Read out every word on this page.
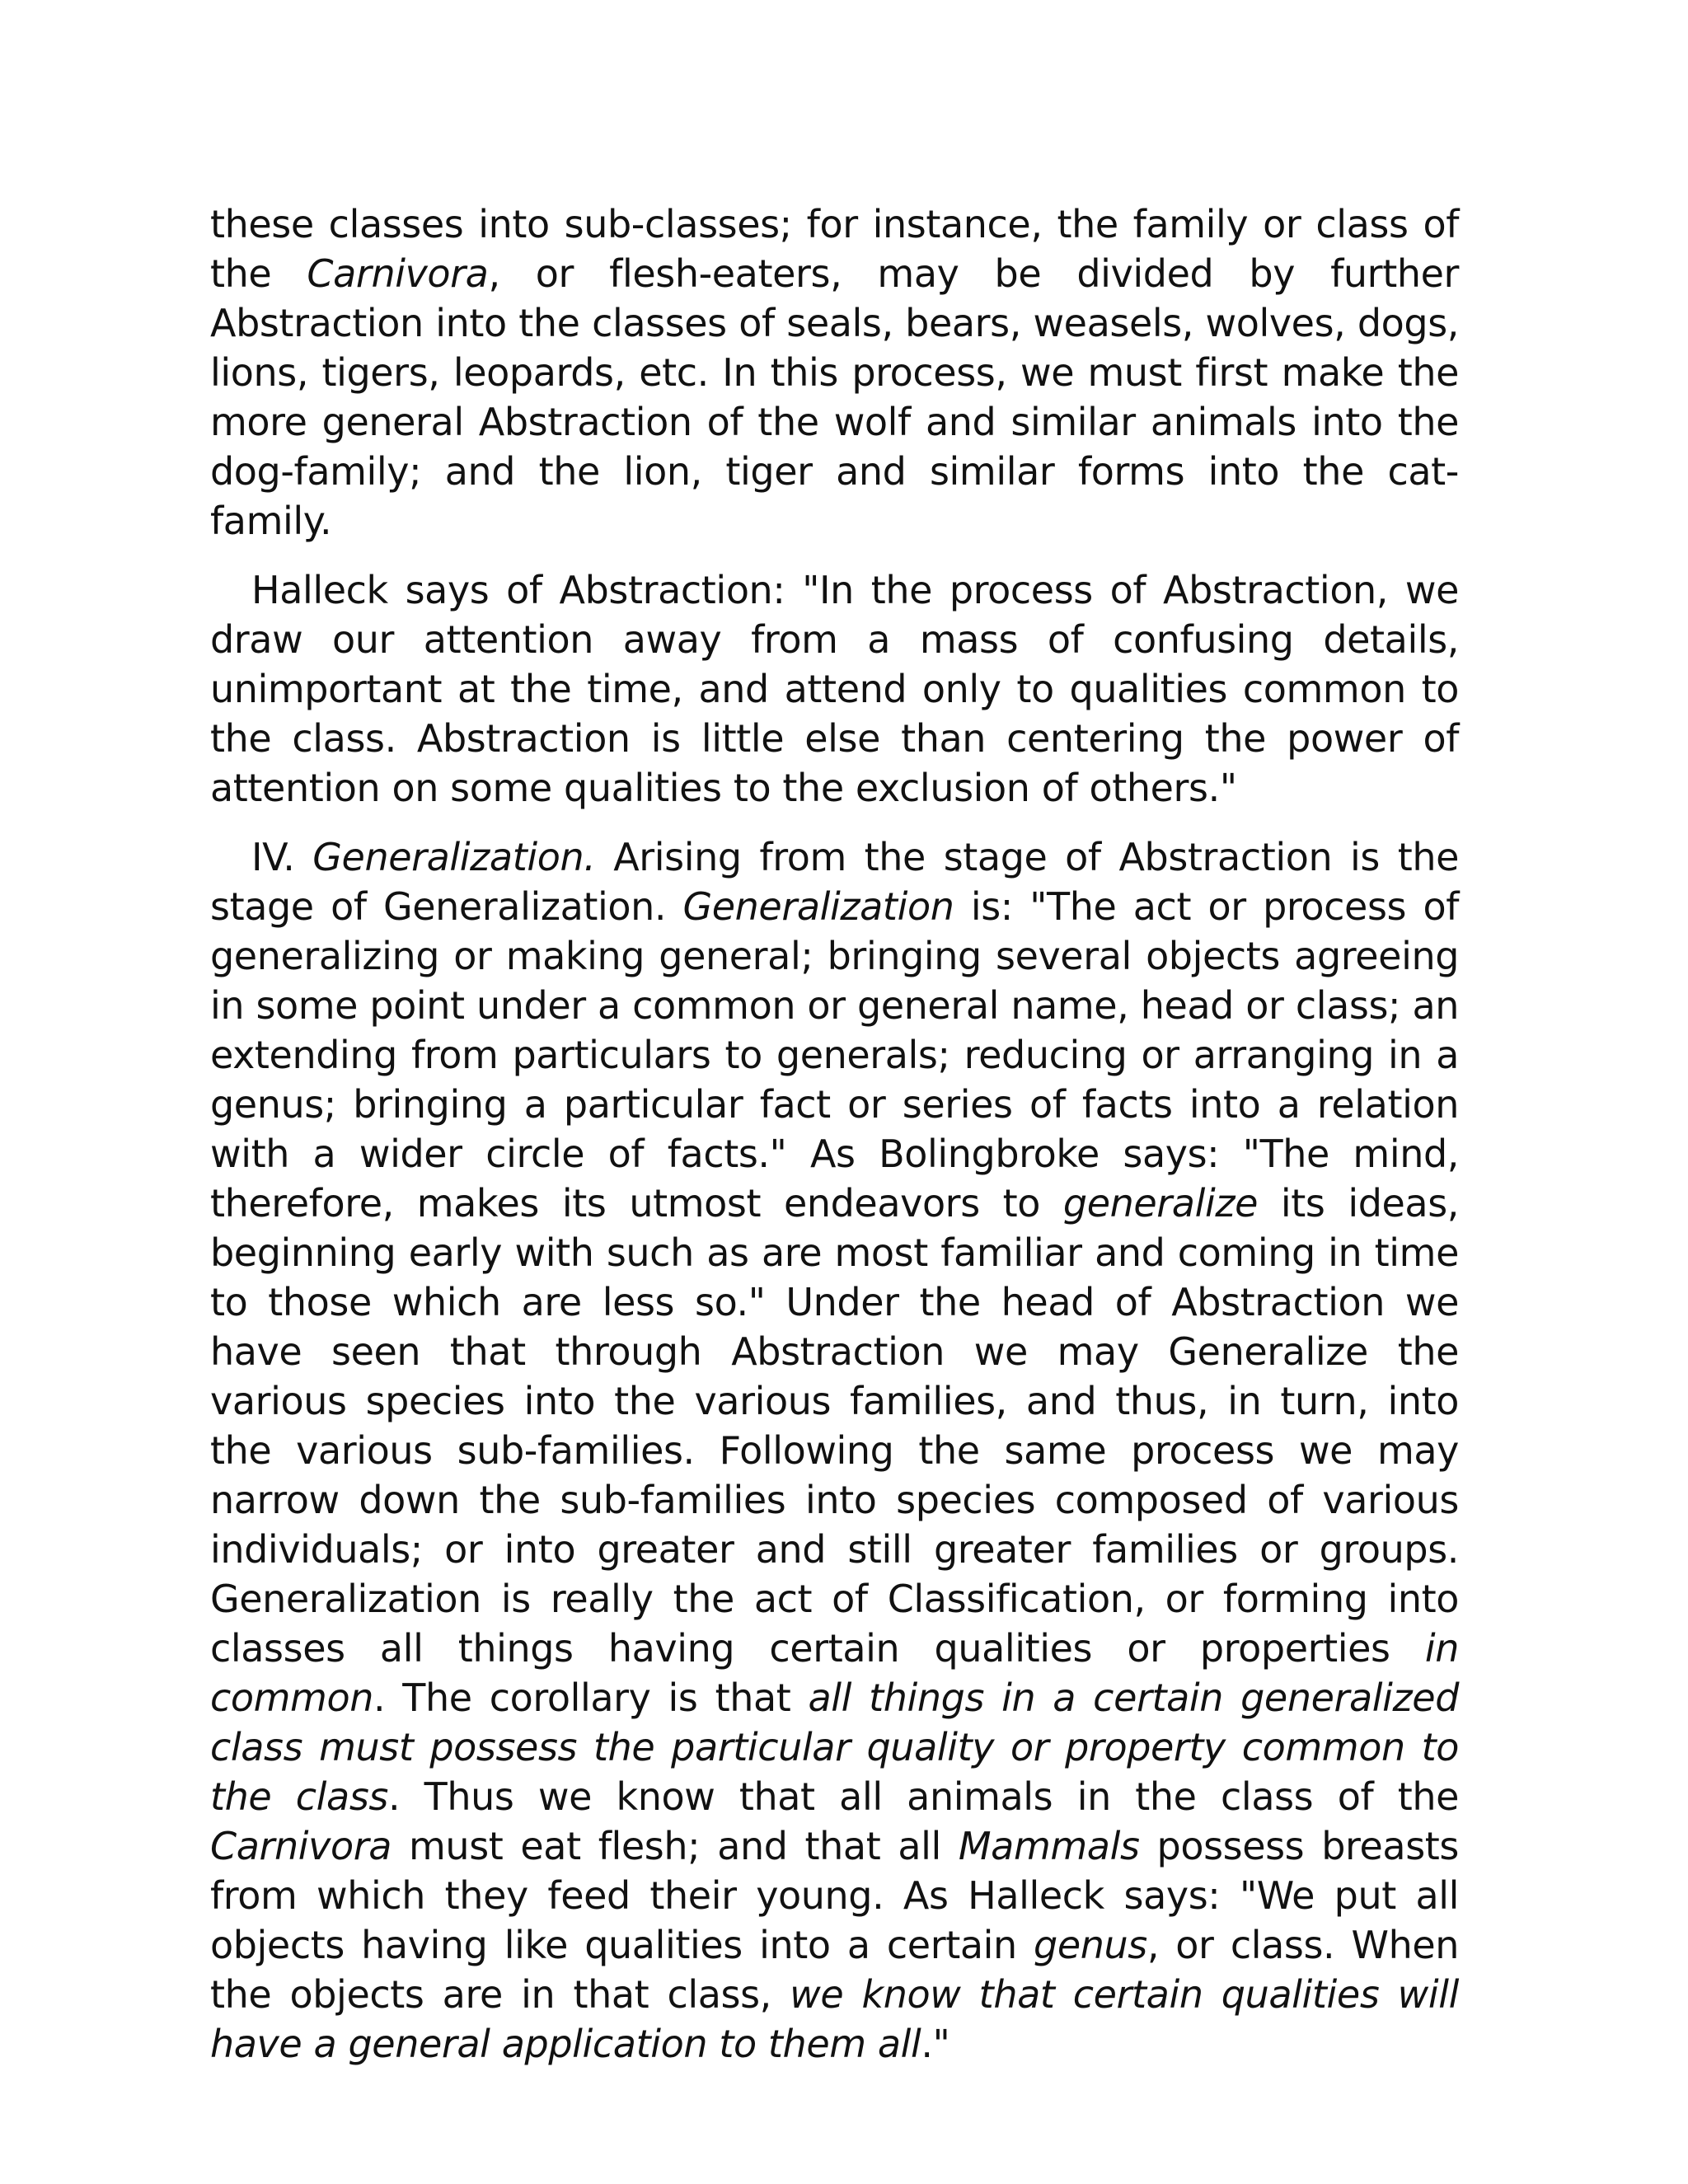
these classes into sub-classes; for instance, the family or class of the Carnivora, or flesh-eaters, may be divided by further Abstraction into the classes of seals, bears, weasels, wolves, dogs, lions, tigers, leopards, etc. In this process, we must first make the more general Abstraction of the wolf and similar animals into the dog-family; and the lion, tiger and similar forms into the cat-family.

Halleck says of Abstraction: "In the process of Abstraction, we draw our attention away from a mass of confusing details, unimportant at the time, and attend only to qualities common to the class. Abstraction is little else than centering the power of attention on some qualities to the exclusion of others."

IV. Generalization. Arising from the stage of Abstraction is the stage of Generalization. Generalization is: "The act or process of generalizing or making general; bringing several objects agreeing in some point under a common or general name, head or class; an extending from particulars to generals; reducing or arranging in a genus; bringing a particular fact or series of facts into a relation with a wider circle of facts." As Bolingbroke says: "The mind, therefore, makes its utmost endeavors to generalize its ideas, beginning early with such as are most familiar and coming in time to those which are less so." Under the head of Abstraction we have seen that through Abstraction we may Generalize the various species into the various families, and thus, in turn, into the various sub-families. Following the same process we may narrow down the sub-families into species composed of various individuals; or into greater and still greater families or groups. Generalization is really the act of Classification, or forming into classes all things having certain qualities or properties in common. The corollary is that all things in a certain generalized class must possess the particular quality or property common to the class. Thus we know that all animals in the class of the Carnivora must eat flesh; and that all Mammals possess breasts from which they feed their young. As Halleck says: "We put all objects having like qualities into a certain genus, or class. When the objects are in that class, we know that certain qualities will have a general application to them all."
